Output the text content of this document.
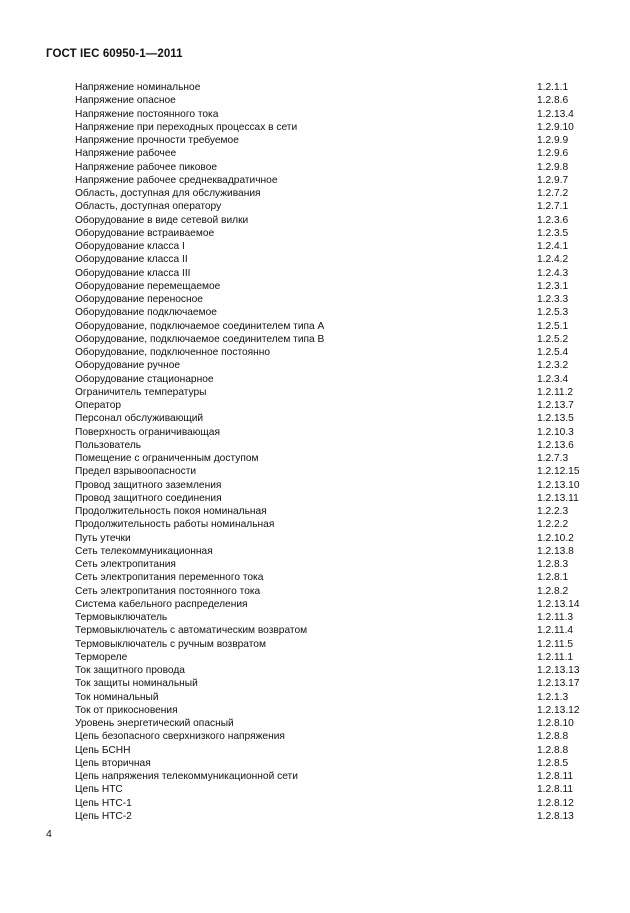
ГОСТ IEC 60950-1—2011
Напряжение номинальное	1.2.1.1
Напряжение опасное	1.2.8.6
Напряжение постоянного тока	1.2.13.4
Напряжение при переходных процессах в сети	1.2.9.10
Напряжение прочности требуемое	1.2.9.9
Напряжение рабочее	1.2.9.6
Напряжение рабочее пиковое	1.2.9.8
Напряжение рабочее среднеквадратичное	1.2.9.7
Область, доступная для обслуживания	1.2.7.2
Область, доступная оператору	1.2.7.1
Оборудование в виде сетевой вилки	1.2.3.6
Оборудование встраиваемое	1.2.3.5
Оборудование класса I	1.2.4.1
Оборудование класса II	1.2.4.2
Оборудование класса III	1.2.4.3
Оборудование перемещаемое	1.2.3.1
Оборудование переносное	1.2.3.3
Оборудование подключаемое	1.2.5.3
Оборудование, подключаемое соединителем типа A	1.2.5.1
Оборудование, подключаемое соединителем типа B	1.2.5.2
Оборудование, подключенное постоянно	1.2.5.4
Оборудование ручное	1.2.3.2
Оборудование стационарное	1.2.3.4
Ограничитель температуры	1.2.11.2
Оператор	1.2.13.7
Персонал обслуживающий	1.2.13.5
Поверхность ограничивающая	1.2.10.3
Пользователь	1.2.13.6
Помещение с ограниченным доступом	1.2.7.3
Предел взрывоопасности	1.2.12.15
Провод защитного заземления	1.2.13.10
Провод защитного соединения	1.2.13.11
Продолжительность покоя номинальная	1.2.2.3
Продолжительность работы номинальная	1.2.2.2
Путь утечки	1.2.10.2
Сеть телекоммуникационная	1.2.13.8
Сеть электропитания	1.2.8.3
Сеть электропитания переменного тока	1.2.8.1
Сеть электропитания постоянного тока	1.2.8.2
Система кабельного распределения	1.2.13.14
Термовыключатель	1.2.11.3
Термовыключатель с автоматическим возвратом	1.2.11.4
Термовыключатель с ручным возвратом	1.2.11.5
Термореле	1.2.11.1
Ток защитного провода	1.2.13.13
Ток защиты номинальный	1.2.13.17
Ток номинальный	1.2.1.3
Ток от прикосновения	1.2.13.12
Уровень энергетический опасный	1.2.8.10
Цепь безопасного сверхнизкого напряжения	1.2.8.8
Цепь БСНН	1.2.8.8
Цепь вторичная	1.2.8.5
Цепь напряжения телекоммуникационной сети	1.2.8.11
Цепь НТС	1.2.8.11
Цепь НТС-1	1.2.8.12
Цепь НТС-2	1.2.8.13
4
